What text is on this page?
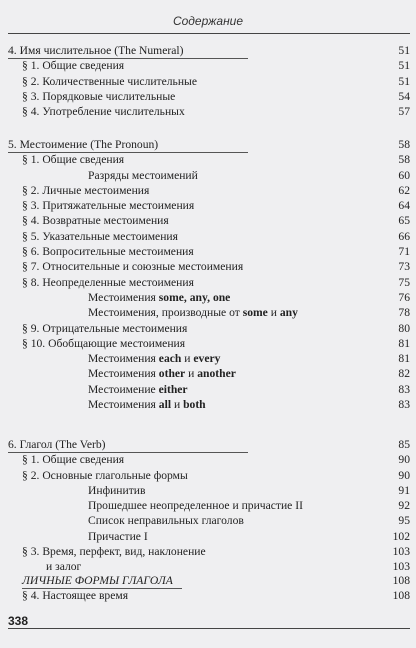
Содержание
4. Имя числительное (The Numeral)	51
§ 1. Общие сведения	51
§ 2. Количественные числительные	51
§ 3. Порядковые числительные	54
§ 4. Употребление числительных	57
5. Местоимение (The Pronoun)	58
§ 1. Общие сведения	58
Разряды местоимений	60
§ 2. Личные местоимения	62
§ 3. Притяжательные местоимения	64
§ 4. Возвратные местоимения	65
§ 5. Указательные местоимения	66
§ 6. Вопросительные местоимения	71
§ 7. Относительные и союзные местоимения	73
§ 8. Неопределенные местоимения	75
Местоимения some, any, one	76
Местоимения, производные от some и any	78
§ 9. Отрицательные местоимения	80
§ 10. Обобщающие местоимения	81
Местоимения each и every	81
Местоимения other и another	82
Местоимение either	83
Местоимения all и both	83
6. Глагол (The Verb)	85
§ 1. Общие сведения	90
§ 2. Основные глагольные формы	90
Инфинитив	91
Прошедшее неопределенное и причастие II	92
Список неправильных глаголов	95
Причастие I	102
§ 3. Время, перфект, вид, наклонение	103
и залог	103
ЛИЧНЫЕ ФОРМЫ ГЛАГОЛА	108
§ 4. Настоящее время	108
338
